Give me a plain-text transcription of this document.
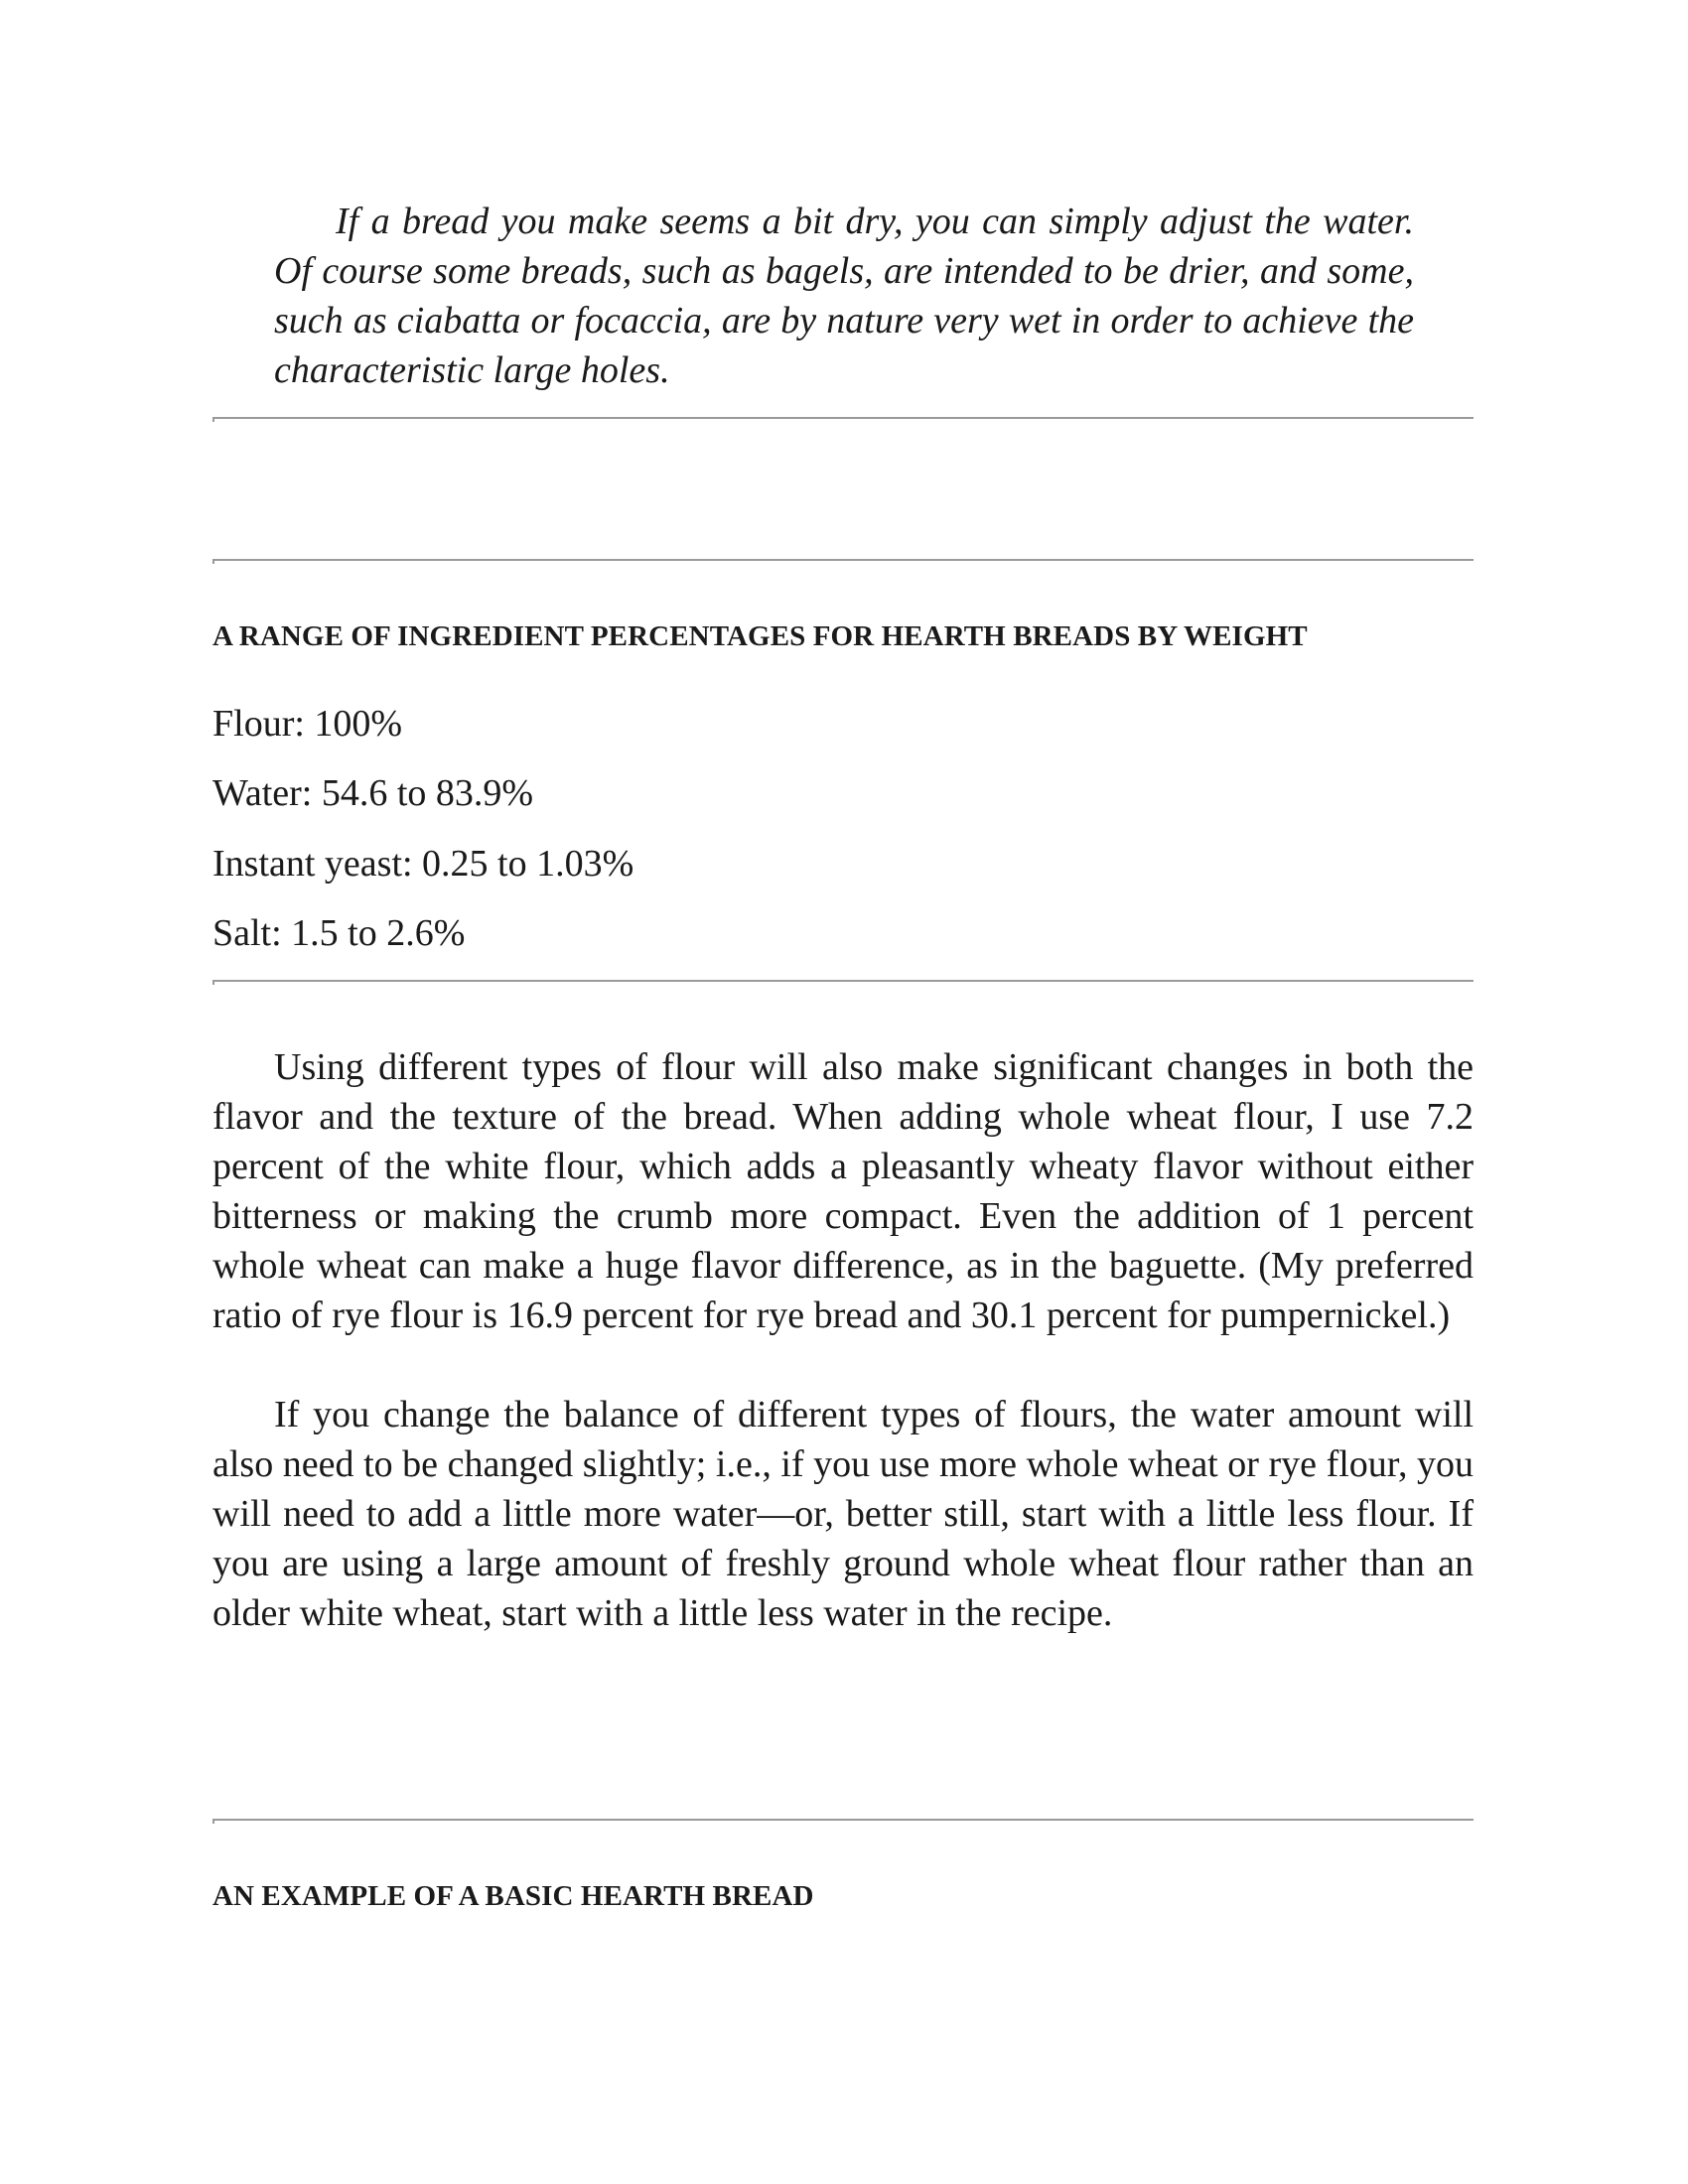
If a bread you make seems a bit dry, you can simply adjust the water. Of course some breads, such as bagels, are intended to be drier, and some, such as ciabatta or focaccia, are by nature very wet in order to achieve the characteristic large holes.

A RANGE OF INGREDIENT PERCENTAGES FOR HEARTH BREADS BY WEIGHT

Flour: 100%

Water: 54.6 to 83.9%

Instant yeast: 0.25 to 1.03%

Salt: 1.5 to 2.6%

Using different types of flour will also make significant changes in both the flavor and the texture of the bread. When adding whole wheat flour, I use 7.2 percent of the white flour, which adds a pleasantly wheaty flavor without either bitterness or making the crumb more compact. Even the addition of 1 percent whole wheat can make a huge flavor difference, as in the baguette. (My preferred ratio of rye flour is 16.9 percent for rye bread and 30.1 percent for pumpernickel.)

If you change the balance of different types of flours, the water amount will also need to be changed slightly; i.e., if you use more whole wheat or rye flour, you will need to add a little more water—or, better still, start with a little less flour. If you are using a large amount of freshly ground whole wheat flour rather than an older white wheat, start with a little less water in the recipe.

AN EXAMPLE OF A BASIC HEARTH BREAD
